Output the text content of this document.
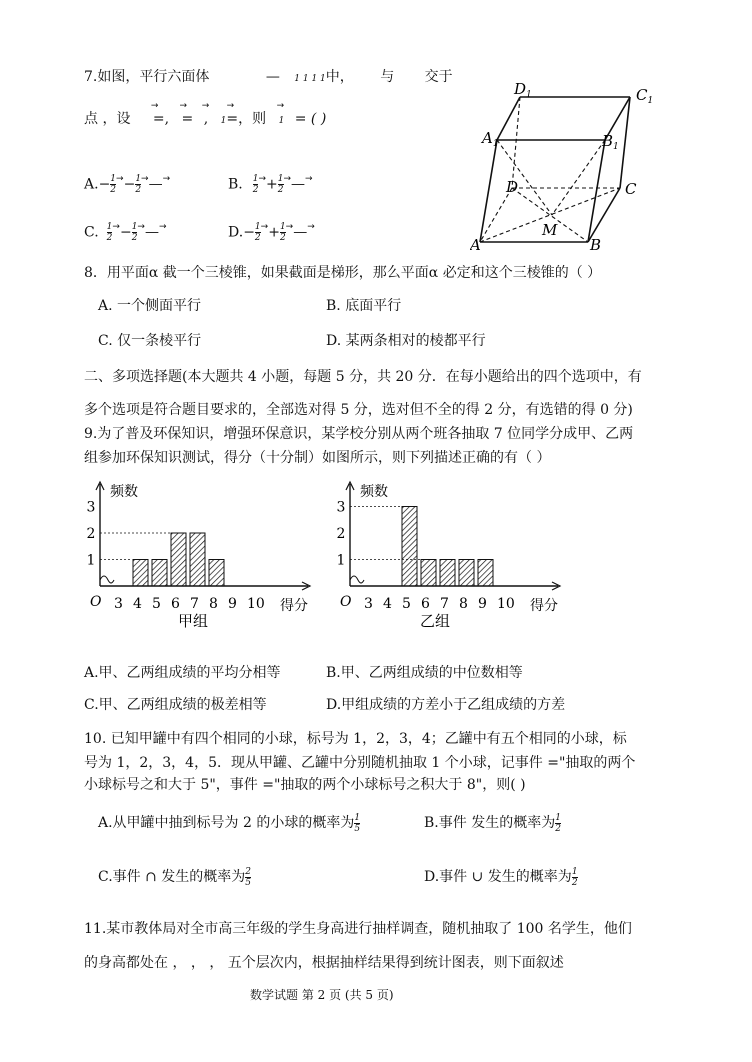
7.如图，平行六面体	— 1 1 1 1中， 与 交于
点 ，设
→
=,
→
=
→
,
→
1=，则
→
1 = ( )
$A.- \frac{1}{2} ^\to- \frac{1}{2}$ →—→	B. $\frac{1}{2} ^\to+ \frac{1}{2}$ →—→
C. $\frac{1}{2} ^\to- \frac{1}{2}$ →—→	$D.- \frac{1}{2} ^\to+ \frac{1}{2}$ →—→
$D_1$	$C_1$
$A_1$	$B_1$
D	C
M
A	B
8．用平面α 截一个三棱锥，如果截面是梯形，那么平面α 必定和这个三棱锥的（ ）
A. 一个侧面平行	B. 底面平行
C. 仅一条棱平行	D. 某两条相对的棱都平行
二、多项选择题(本大题共 4 小题，每题 5 分，共 20 分．在每小题给出的四个选项中，有
多个选项是符合题目要求的，全部选对得 5 分，选对但不全的得 2 分，有选错的得 0 分)
9.为了普及环保知识，增强环保意识，某学校分别从两个班各抽取 7 位同学分成甲、乙两
组参加环保知识测试，得分（十分制）如图所示，则下列描述正确的有（ ）
1
2
3
3 4 5 6 7 8 9 10
O
频数
得分
甲组
1
2
3
3 4 5 6 7 8 9 10
O
频数
得分
乙组
A.甲、乙两组成绩的平均分相等	B.甲、乙两组成绩的中位数相等
C.甲、乙两组成绩的极差相等	D.甲组成绩的方差小于乙组成绩的方差
10. 已知甲罐中有四个相同的小球，标号为 1，2，3，4；乙罐中有五个相同的小球，标
号为 1，2，3，4，5．现从甲罐、乙罐中分别随机抽取 1 个小球，记事件 ="抽取的两个
小球标号之和大于 5"，事件 ="抽取的两个小球标号之积大于 8"，则( )
A.从甲罐中抽到标号为 2 的小球的概率为 $\frac{1}{5}$	B.事件 发生的概率为 $\frac{1}{2}$
C.事件 ∩ 发生的概率为 $\frac{2}{5}$	D.事件 ∪ 发生的概率为 $\frac{1}{2}$
11.某市教体局对全市高三年级的学生身高进行抽样调查，随机抽取了 100 名学生，他们
的身高都处在 ， ， ， 五个层次内，根据抽样结果得到统计图表，则下面叙述
数学试题 第 2 页 (共 5 页)
